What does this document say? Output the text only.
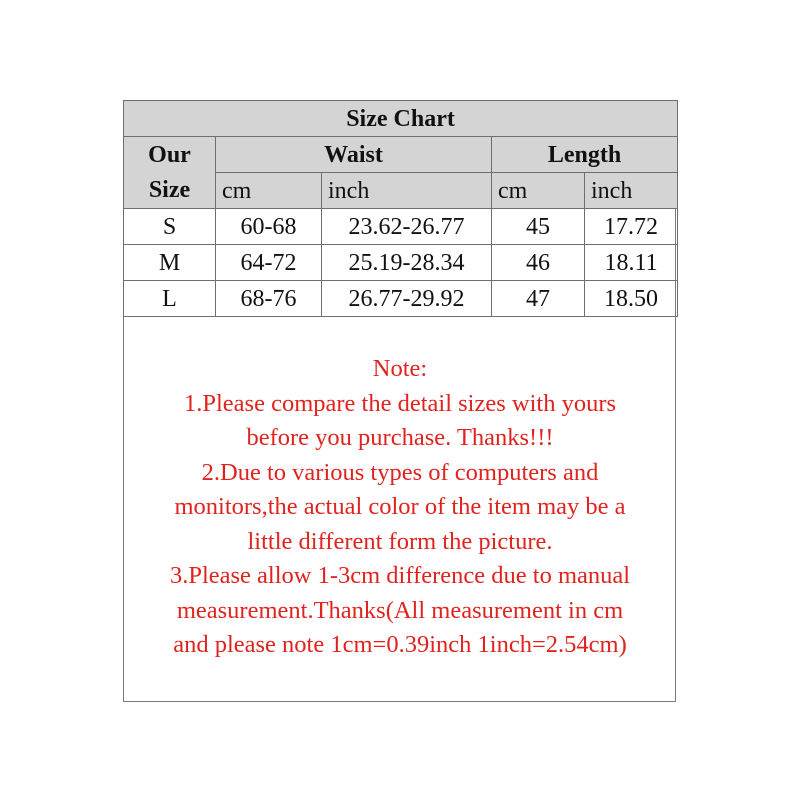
Size Chart				

Our
Size	Waist		Length	
	cm	inch	cm	inch
S	60-68	23.62-26.77	45	17.72
M	64-72	25.19-28.34	46	18.11
L	68-76	26.77-29.92	47	18.50
Note:
1.Please compare the detail sizes with yours
before you purchase. Thanks!!!
2.Due to various types of computers and
monitors,the actual color of the item may be a
little different form the picture.
3.Please allow 1-3cm difference due to manual
measurement.Thanks(All measurement in cm
and please note 1cm=0.39inch 1inch=2.54cm)
